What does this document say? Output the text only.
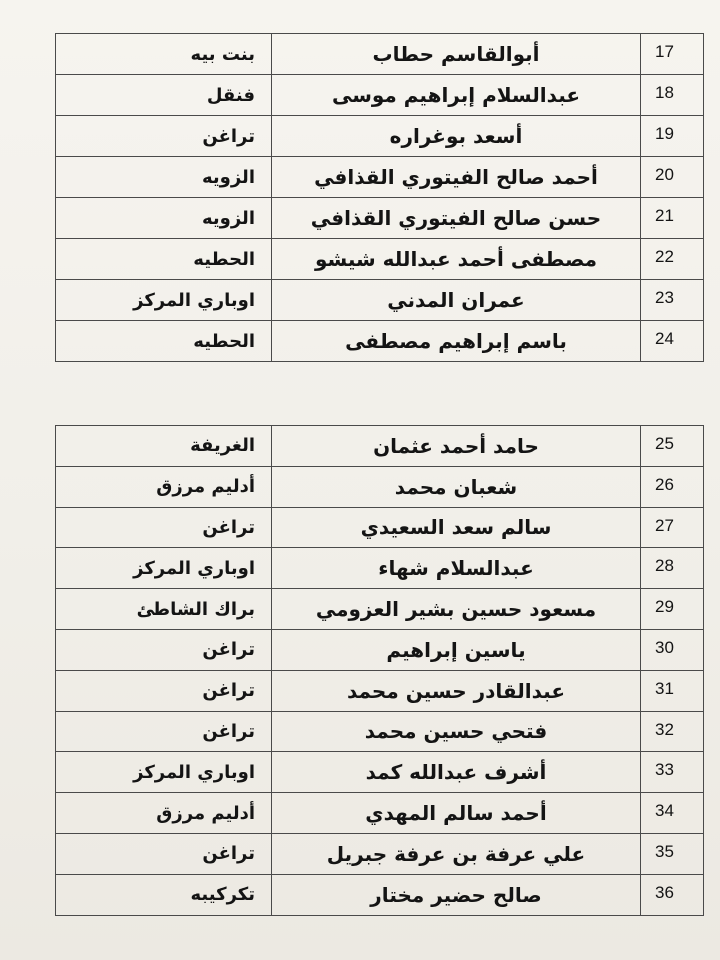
بنت بيه	أبوالقاسم حطاب	17
فنقل	عبدالسلام إبراهيم موسى	18
تراغن	أسعد بوغراره	19
الزويه	أحمد صالح الفيتوري القذافي	20
الزويه	حسن صالح الفيتوري القذافي	21
الحطيه	مصطفى أحمد عبدالله شيشو	22
اوباري المركز	عمران المدني	23
الحطيه	باسم إبراهيم مصطفى	24
الغريفة	حامد أحمد عثمان	25
أدليم مرزق	شعبان محمد	26
تراغن	سالم سعد السعيدي	27
اوباري المركز	عبدالسلام شهاء	28
براك الشاطئ	مسعود حسين بشير العزومي	29
تراغن	ياسين إبراهيم	30
تراغن	عبدالقادر حسين محمد	31
تراغن	فتحي حسين محمد	32
اوباري المركز	أشرف عبدالله كمد	33
أدليم مرزق	أحمد سالم المهدي	34
تراغن	علي عرفة بن عرفة جبريل	35
تكركيبه	صالح حضير مختار	36
